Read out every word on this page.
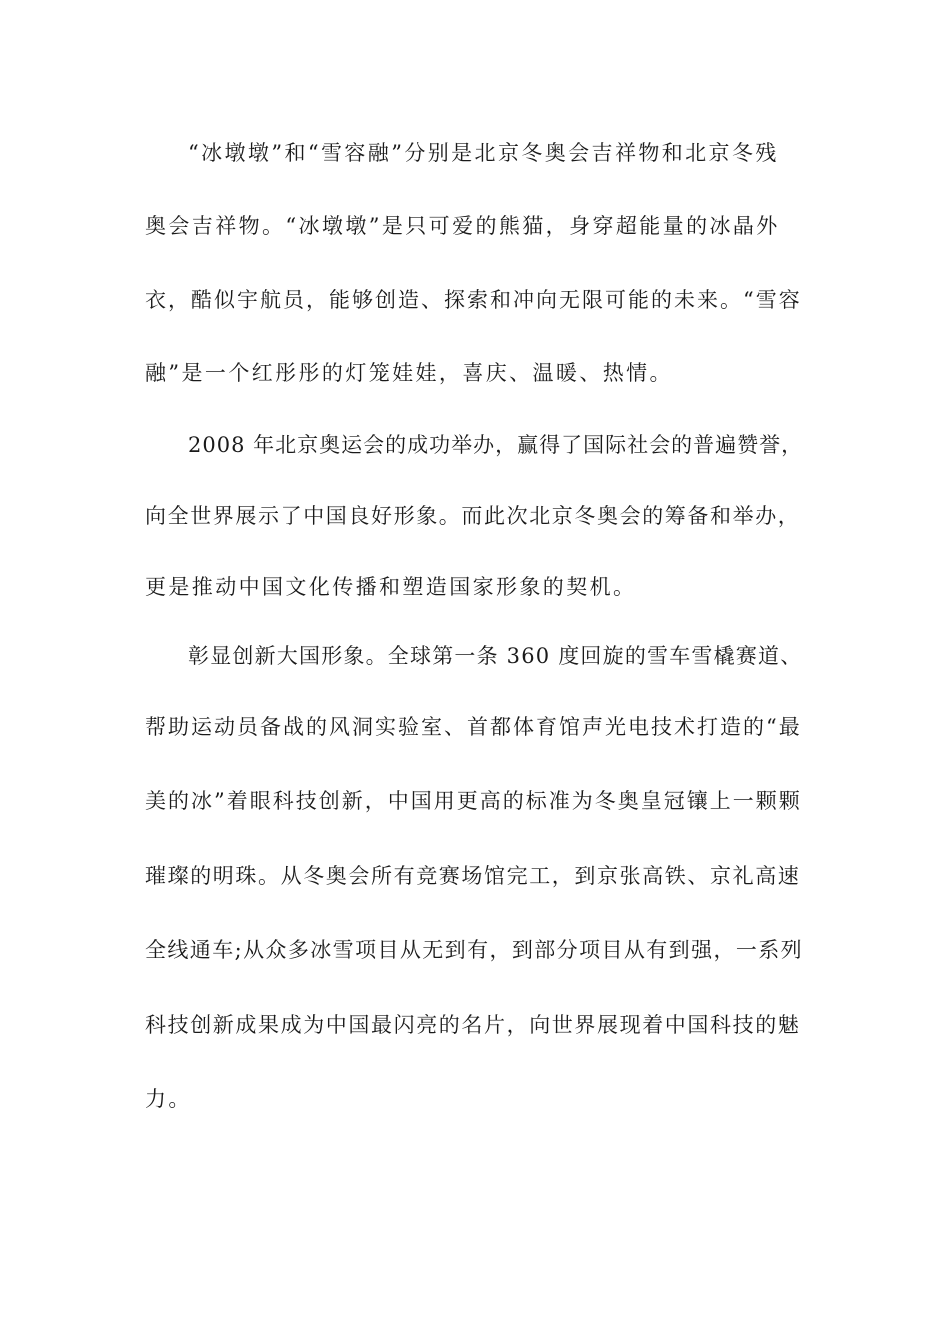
“冰墩墩”和“雪容融”分别是北京冬奥会吉祥物和北京冬残
奥会吉祥物。“冰墩墩”是只可爱的熊猫，身穿超能量的冰晶外
衣，酷似宇航员，能够创造、探索和冲向无限可能的未来。“雪容
融”是一个红彤彤的灯笼娃娃，喜庆、温暖、热情。
2008 年北京奥运会的成功举办，赢得了国际社会的普遍赞誉，
向全世界展示了中国良好形象。而此次北京冬奥会的筹备和举办，
更是推动中国文化传播和塑造国家形象的契机。
彰显创新大国形象。全球第一条 360 度回旋的雪车雪橇赛道、
帮助运动员备战的风洞实验室、首都体育馆声光电技术打造的“最
美的冰”着眼科技创新，中国用更高的标准为冬奥皇冠镶上一颗颗
璀璨的明珠。从冬奥会所有竞赛场馆完工，到京张高铁、京礼高速
全线通车;从众多冰雪项目从无到有，到部分项目从有到强，一系列
科技创新成果成为中国最闪亮的名片，向世界展现着中国科技的魅
力。
